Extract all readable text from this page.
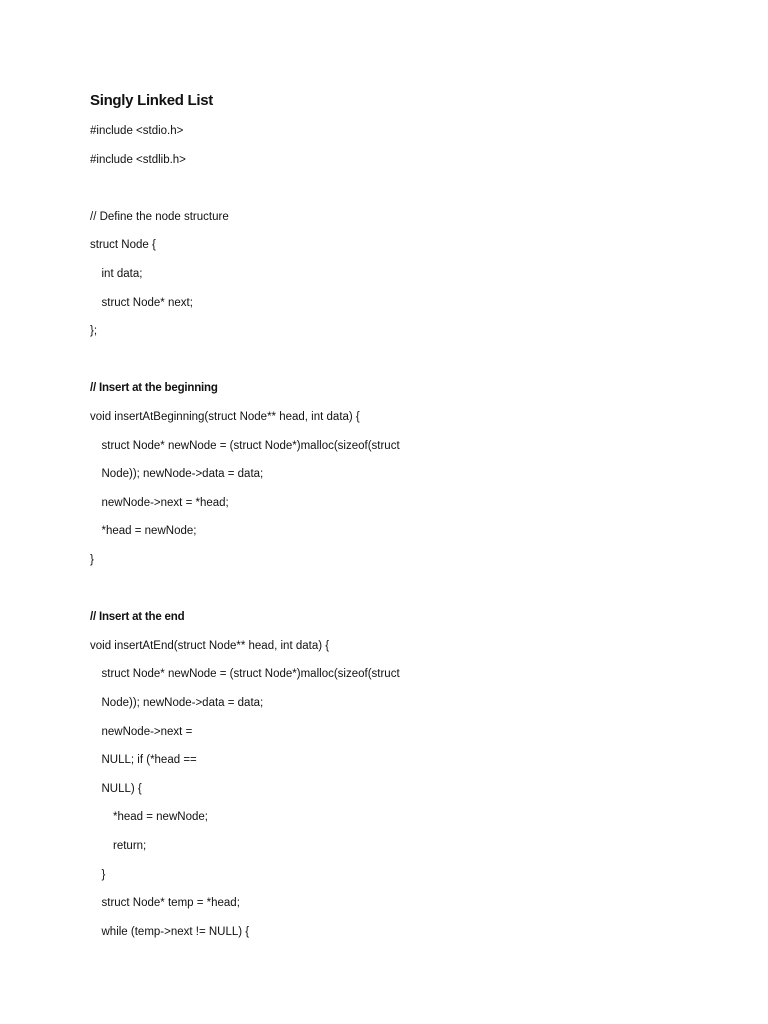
Singly Linked List
#include <stdio.h>
#include <stdlib.h>
// Define the node structure
struct Node {
int data;
struct Node* next;
};
// Insert at the beginning
void insertAtBeginning(struct Node** head, int data) {
struct Node* newNode = (struct Node*)malloc(sizeof(struct
Node)); newNode->data = data;
newNode->next = *head;
*head = newNode;
}
// Insert at the end
void insertAtEnd(struct Node** head, int data) {
struct Node* newNode = (struct Node*)malloc(sizeof(struct
Node)); newNode->data = data;
newNode->next =
NULL; if (*head ==
NULL) {
*head = newNode;
return;
}
struct Node* temp = *head;
while (temp->next != NULL) {
